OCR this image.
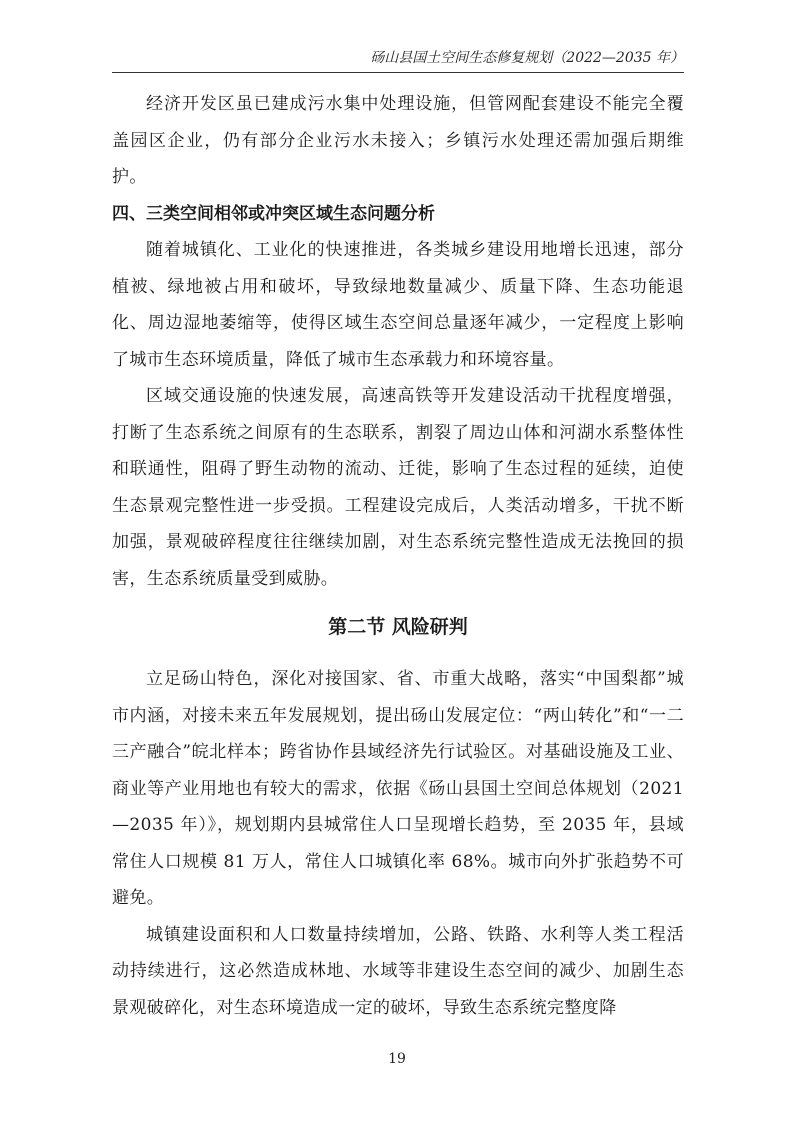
砀山县国土空间生态修复规划（2022—2035 年）

经济开发区虽已建成污水集中处理设施，但管网配套建设不能完全覆盖园区企业，仍有部分企业污水未接入；乡镇污水处理还需加强后期维护。

四、三类空间相邻或冲突区域生态问题分析

随着城镇化、工业化的快速推进，各类城乡建设用地增长迅速，部分植被、绿地被占用和破坏，导致绿地数量减少、质量下降、生态功能退化、周边湿地萎缩等，使得区域生态空间总量逐年减少，一定程度上影响了城市生态环境质量，降低了城市生态承载力和环境容量。

区域交通设施的快速发展，高速高铁等开发建设活动干扰程度增强，打断了生态系统之间原有的生态联系，割裂了周边山体和河湖水系整体性和联通性，阻碍了野生动物的流动、迁徙，影响了生态过程的延续，迫使生态景观完整性进一步受损。工程建设完成后，人类活动增多，干扰不断加强，景观破碎程度往往继续加剧，对生态系统完整性造成无法挽回的损害，生态系统质量受到威胁。

第二节 风险研判

立足砀山特色，深化对接国家、省、市重大战略，落实“中国梨都”城市内涵，对接未来五年发展规划，提出砀山发展定位：“两山转化”和“一二三产融合”皖北样本；跨省协作县域经济先行试验区。对基础设施及工业、商业等产业用地也有较大的需求，依据《砀山县国土空间总体规划（2021—2035 年）》，规划期内县城常住人口呈现增长趋势，至 2035 年，县域常住人口规模 81 万人，常住人口城镇化率 68%。城市向外扩张趋势不可避免。

城镇建设面积和人口数量持续增加，公路、铁路、水利等人类工程活动持续进行，这必然造成林地、水域等非建设生态空间的减少、加剧生态景观破碎化，对生态环境造成一定的破坏，导致生态系统完整度降

19
